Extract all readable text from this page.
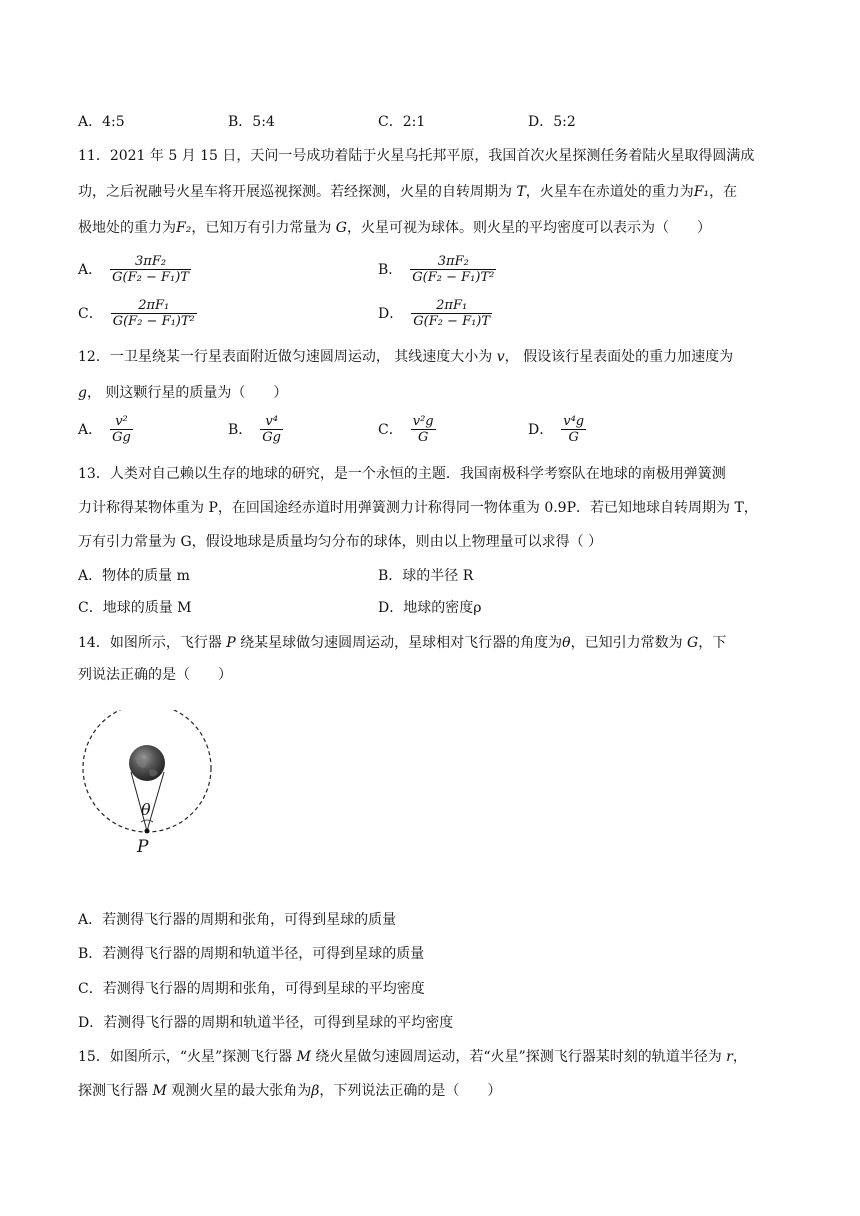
A．4:5	B．5:4	C．2:1	D．5:2
11．2021 年 5 月 15 日，天问一号成功着陆于火星乌托邦平原，我国首次火星探测任务着陆火星取得圆满成
功，之后祝融号火星车将开展巡视探测。若经探测，火星的自转周期为 T，火星车在赤道处的重力为F₁，在
极地处的重力为F₂，已知万有引力常量为 G，火星可视为球体。则火星的平均密度可以表示为（　　）
A． $\frac{\text{3πF₂}}{\text{G(F₂ − F₁)T}}$	B． $\frac{\text{3πF₂}}{\text{G(F₂ − F₁)T²}}$
C． $\frac{\text{2πF₁}}{\text{G(F₂ − F₁)T²}}$	D． $\frac{\text{2πF₁}}{\text{G(F₂ − F₁)T}}$
12．一卫星绕某一行星表面附近做匀速圆周运动， 其线速度大小为 v， 假设该行星表面处的重力加速度为
g， 则这颗行星的质量为（　　）
A． $\frac{\text{v²}}{Gg}$	B． $\frac{\text{v⁴}}{Gg}$	C． $\frac{\text{v²g}}{G}$	D． $\frac{\text{v⁴g}}{G}$
13．人类对自己赖以生存的地球的研究，是一个永恒的主题．我国南极科学考察队在地球的南极用弹簧测
力计称得某物体重为 P，在回国途经赤道时用弹簧测力计称得同一物体重为 0.9P．若已知地球自转周期为 T，
万有引力常量为 G，假设地球是质量均匀分布的球体，则由以上物理量可以求得（ ）
A．物体的质量 m	B．球的半径 R
C．地球的质量 M	D．地球的密度ρ
14．如图所示，飞行器 P 绕某星球做匀速圆周运动，星球相对飞行器的角度为θ，已知引力常数为 G，下
列说法正确的是（　　）
θ
P
A．若测得飞行器的周期和张角，可得到星球的质量
B．若测得飞行器的周期和轨道半径，可得到星球的质量
C．若测得飞行器的周期和张角，可得到星球的平均密度
D．若测得飞行器的周期和轨道半径，可得到星球的平均密度
15．如图所示，“火星”探测飞行器 M 绕火星做匀速圆周运动，若“火星”探测飞行器某时刻的轨道半径为 r，
探测飞行器 M 观测火星的最大张角为β，下列说法正确的是（　　）
